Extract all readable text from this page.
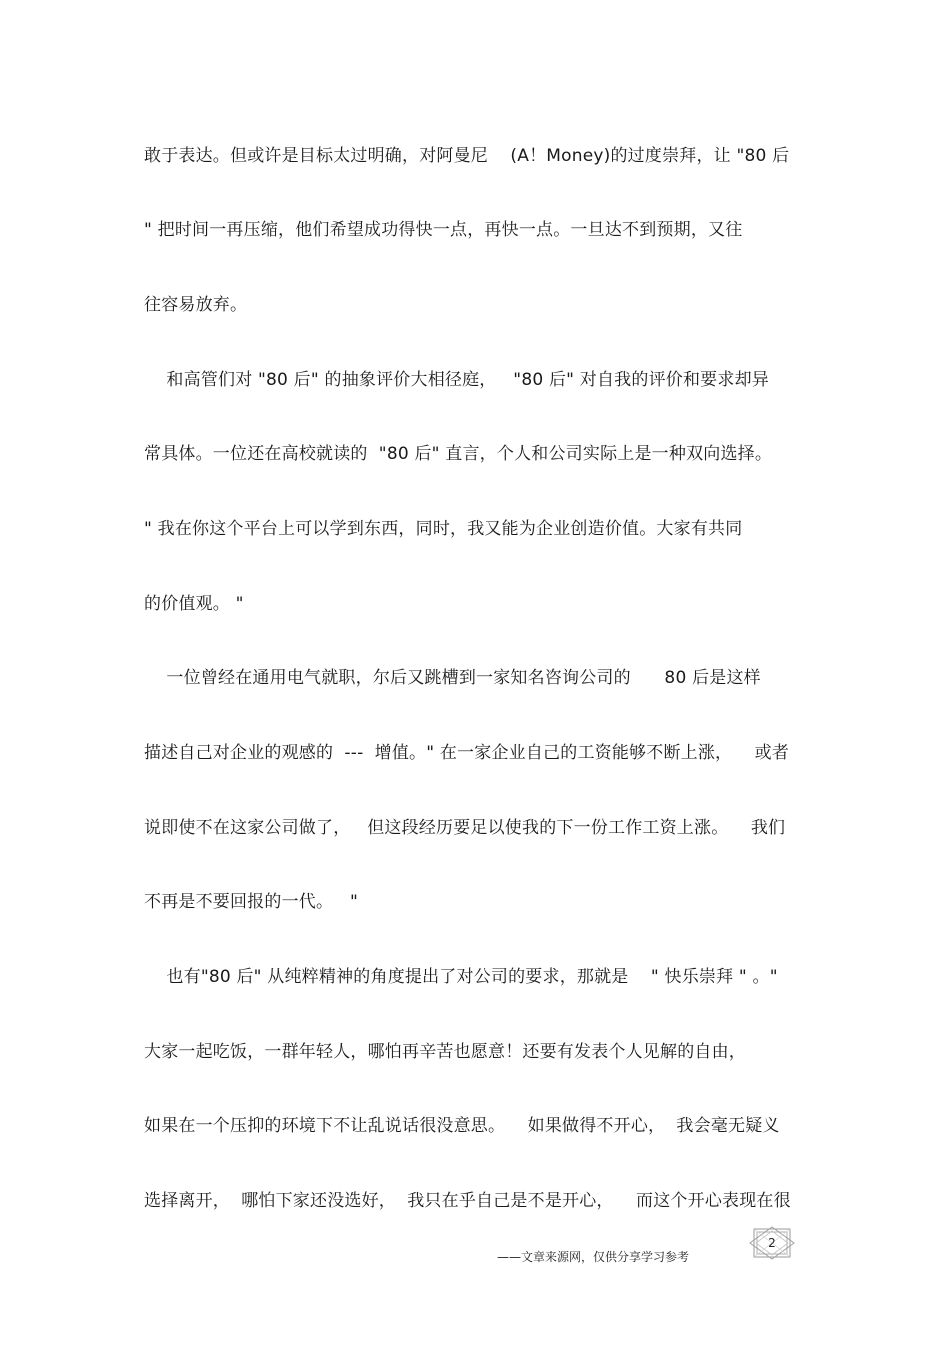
敢于表达。但或许是目标太过明确，对阿曼尼    (A！Money)的过度崇拜，让 "80 后
" 把时间一再压缩，他们希望成功得快一点，再快一点。一旦达不到预期，又往
往容易放弃。
和高管们对 "80 后" 的抽象评价大相径庭，   "80 后" 对自我的评价和要求却异
常具体。一位还在高校就读的  "80 后" 直言，个人和公司实际上是一种双向选择。
" 我在你这个平台上可以学到东西，同时，我又能为企业创造价值。大家有共同
的价值观。 "
一位曾经在通用电气就职，尔后又跳槽到一家知名咨询公司的      80 后是这样
描述自己对企业的观感的  ---  增值。" 在一家企业自己的工资能够不断上涨，    或者
说即使不在这家公司做了，   但这段经历要足以使我的下一份工作工资上涨。    我们
不再是不要回报的一代。   "
也有"80 后" 从纯粹精神的角度提出了对公司的要求，那就是    " 快乐崇拜 " 。"
大家一起吃饭，一群年轻人，哪怕再辛苦也愿意！还要有发表个人见解的自由，
如果在一个压抑的环境下不让乱说话很没意思。    如果做得不开心，  我会毫无疑义
选择离开，  哪怕下家还没选好，  我只在乎自己是不是开心，    而这个开心表现在很
——文章来源网，仅供分享学习参考
2
